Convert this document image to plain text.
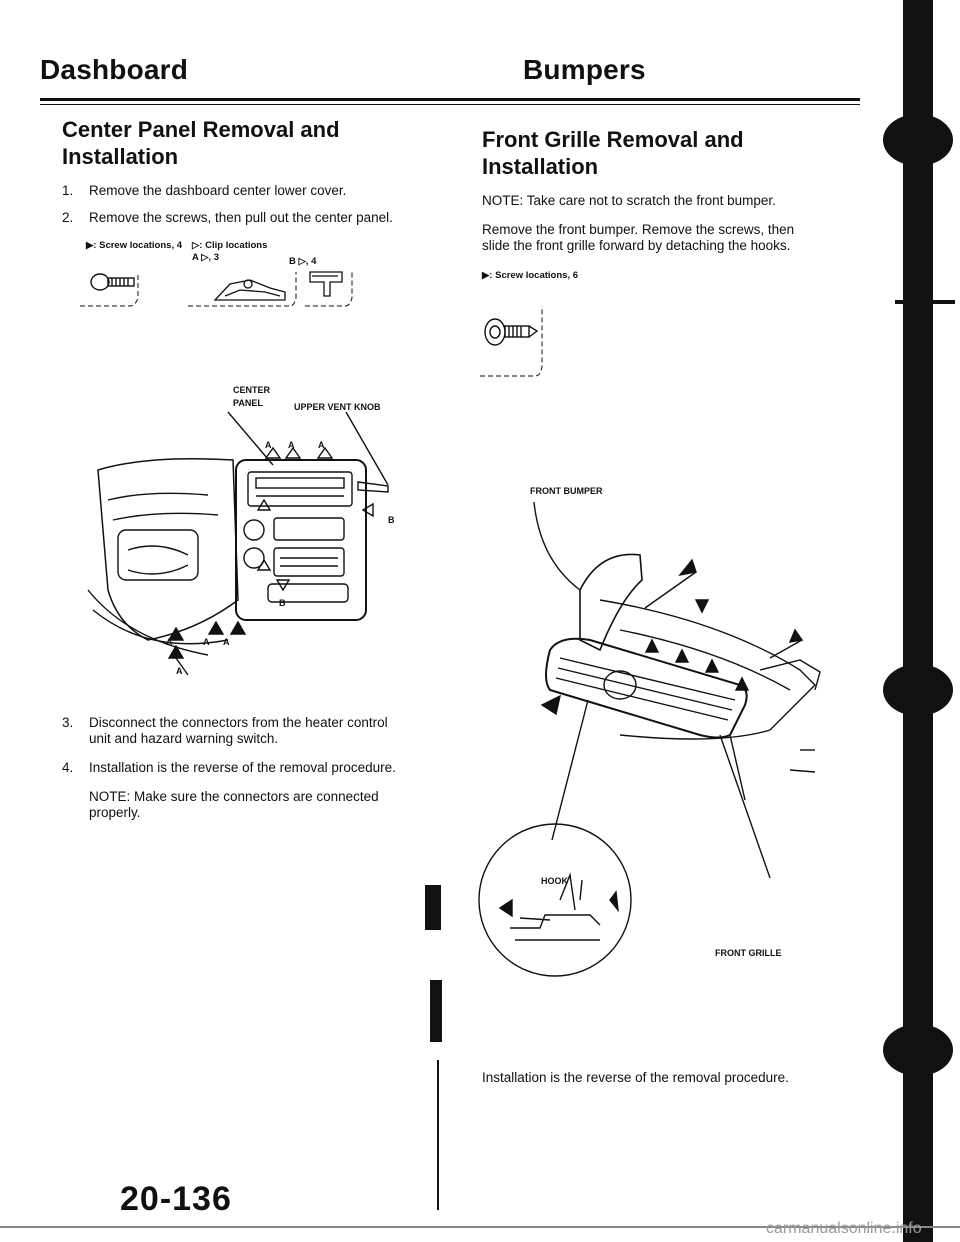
Dashboard	Bumpers
Center Panel Removal and
Installation
1. Remove the dashboard center lower cover.
2. Remove the screws, then pull out the center panel.
▶: Screw locations, 4 ▷: Clip locations
A ▷, 3	B ▷, 4
CENTER
PANEL	UPPER VENT KNOB
A A	A
B
B
A	A A
A
3. Disconnect the connectors from the heater control
unit and hazard warning switch.
4. Installation is the reverse of the removal procedure.
NOTE: Make sure the connectors are connected
properly.
Front Grille Removal and
Installation
NOTE: Take care not to scratch the front bumper.
Remove the front bumper. Remove the screws, then
slide the front grille forward by detaching the hooks.
▶: Screw locations, 6
FRONT BUMPER
HOOK
FRONT GRILLE
Installation is the reverse of the removal procedure.
20-136
carmanualsonline.info
